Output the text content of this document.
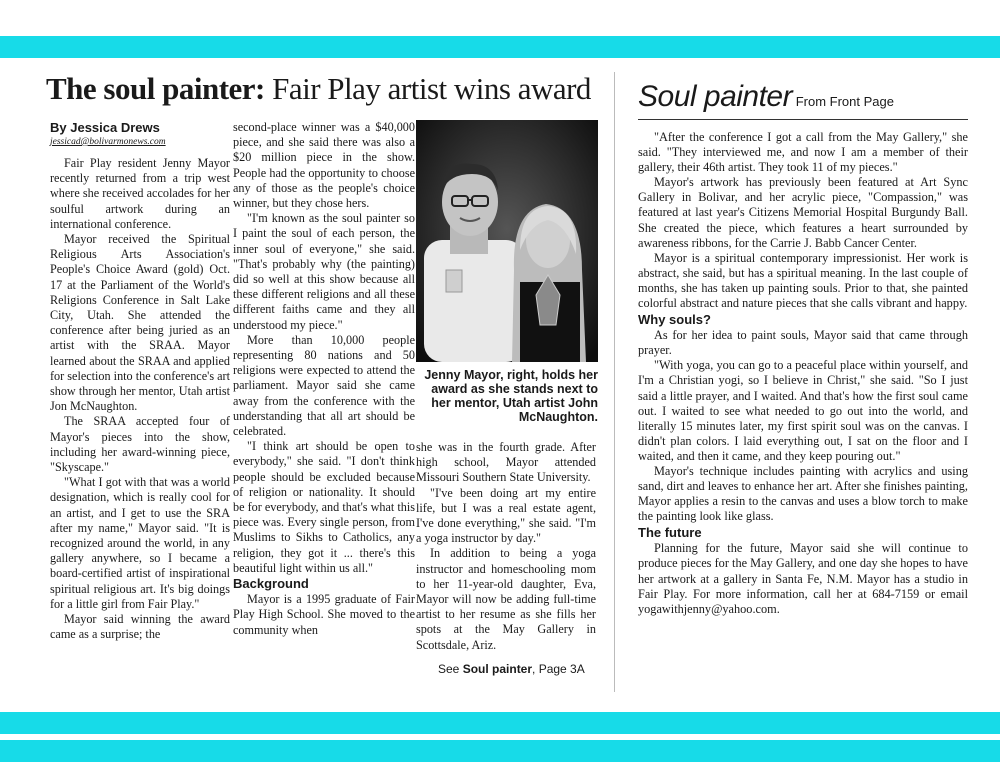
The soul painter: Fair Play artist wins award
By Jessica Drews
jessicad@bolivarmonews.com

Fair Play resident Jenny Mayor recently returned from a trip west where she received accolades for her soulful artwork during an international conference.

Mayor received the Spiritual Religious Arts Association's People's Choice Award (gold) Oct. 17 at the Parliament of the World's Religions Conference in Salt Lake City, Utah. She attended the conference after being juried as an artist with the SRAA. Mayor learned about the SRAA and applied for selection into the conference's art show through her mentor, Utah artist Jon McNaughton.

The SRAA accepted four of Mayor's pieces into the show, including her award-winning piece, "Skyscape."

"What I got with that was a world designation, which is really cool for an artist, and I get to use the SRA after my name," Mayor said. "It is recognized around the world, in any gallery anywhere, so I became a board-certified artist of inspirational spiritual religious art. It's big doings for a little girl from Fair Play."

Mayor said winning the award came as a surprise; the

second-place winner was a $40,000 piece, and she said there was also a $20 million piece in the show. People had the opportunity to choose any of those as the people's choice winner, but they chose hers.

"I'm known as the soul painter so I paint the soul of each person, the inner soul of everyone," she said. "That's probably why (the painting) did so well at this show because all these different religions and all these different faiths came and they all understood my piece."

More than 10,000 people representing 80 nations and 50 religions were expected to attend the parliament. Mayor said she came away from the conference with the understanding that all art should be celebrated.

"I think art should be open to everybody," she said. "I don't think people should be excluded because of religion or nationality. It should be for everybody, and that's what this piece was. Every single person, from Muslims to Sikhs to Catholics, any religion, they got it ... there's this beautiful light within us all."

Background

Mayor is a 1995 graduate of Fair Play High School. She moved to the community when

Jenny Mayor, right, holds her award as she stands next to her mentor, Utah artist John McNaughton.

she was in the fourth grade. After high school, Mayor attended Missouri Southern State University.

"I've been doing art my entire life, but I was a real estate agent, I've done everything," she said. "I'm a yoga instructor by day."

In addition to being a yoga instructor and homeschooling mom to her 11-year-old daughter, Eva, Mayor will now be adding full-time artist to her resume as she fills her spots at the May Gallery in Scottsdale, Ariz.

See Soul painter, Page 3A
Soul painter From Front Page

"After the conference I got a call from the May Gallery," she said. "They interviewed me, and now I am a member of their gallery, their 46th artist. They took 11 of my pieces."

Mayor's artwork has previously been featured at Art Sync Gallery in Bolivar, and her acrylic piece, "Compassion," was featured at last year's Citizens Memorial Hospital Burgundy Ball. She created the piece, which features a heart surrounded by awareness ribbons, for the Carrie J. Babb Cancer Center.

Mayor is a spiritual contemporary impressionist. Her work is abstract, she said, but has a spiritual meaning. In the last couple of months, she has taken up painting souls. Prior to that, she painted colorful abstract and nature pieces that she calls vibrant and happy.

Why souls?

As for her idea to paint souls, Mayor said that came through prayer.

"With yoga, you can go to a peaceful place within yourself, and I'm a Christian yogi, so I believe in Christ," she said. "So I just said a little prayer, and I waited. And that's how the first soul came out. I waited to see what needed to go out into the world, and literally 15 minutes later, my first spirit soul was on the canvas. I didn't plan colors. I laid everything out, I sat on the floor and I waited, and then it came, and they keep pouring out."

Mayor's technique includes painting with acrylics and using sand, dirt and leaves to enhance her art. After she finishes painting, Mayor applies a resin to the canvas and uses a blow torch to make the painting look like glass.

The future

Planning for the future, Mayor said she will continue to produce pieces for the May Gallery, and one day she hopes to have her artwork at a gallery in Santa Fe, N.M. Mayor has a studio in Fair Play. For more information, call her at 684-7159 or email yogawithjenny@yahoo.com.
